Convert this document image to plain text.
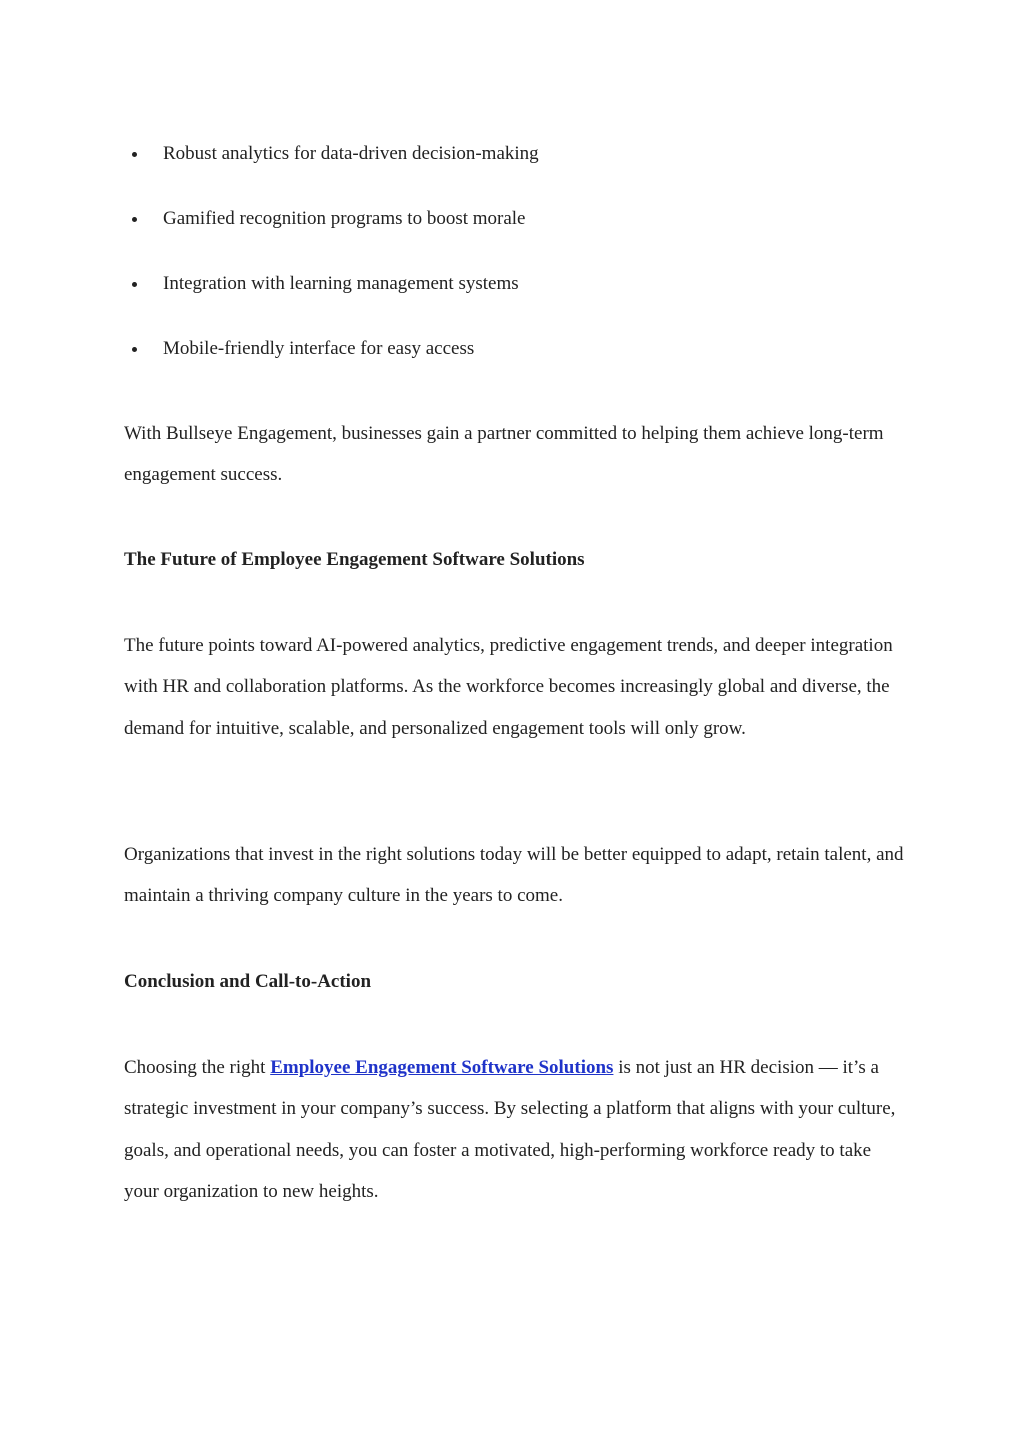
Robust analytics for data-driven decision-making
Gamified recognition programs to boost morale
Integration with learning management systems
Mobile-friendly interface for easy access

With Bullseye Engagement, businesses gain a partner committed to helping them achieve long-term engagement success.

The Future of Employee Engagement Software Solutions

The future points toward AI-powered analytics, predictive engagement trends, and deeper integration with HR and collaboration platforms. As the workforce becomes increasingly global and diverse, the demand for intuitive, scalable, and personalized engagement tools will only grow.

Organizations that invest in the right solutions today will be better equipped to adapt, retain talent, and maintain a thriving company culture in the years to come.

Conclusion and Call-to-Action

Choosing the right Employee Engagement Software Solutions is not just an HR decision — it’s a strategic investment in your company’s success. By selecting a platform that aligns with your culture, goals, and operational needs, you can foster a motivated, high-performing workforce ready to take your organization to new heights.
